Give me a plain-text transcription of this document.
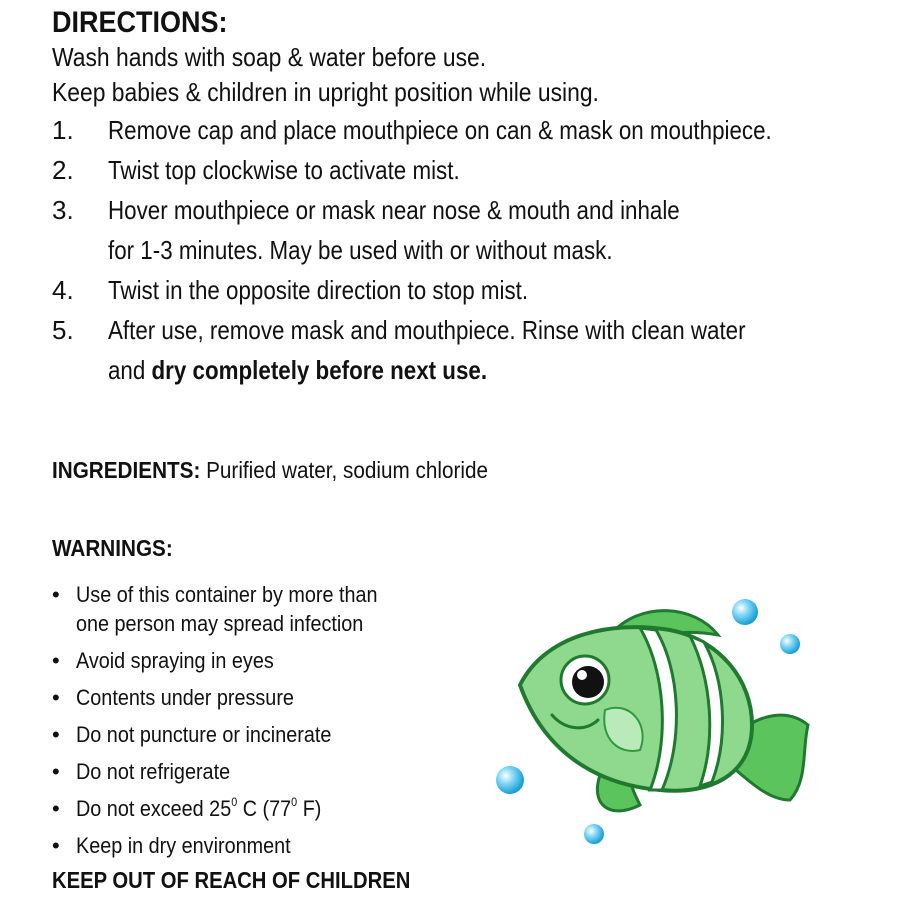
DIRECTIONS:
Wash hands with soap & water before use.
Keep babies & children in upright position while using.
1.	Remove cap and place mouthpiece on can & mask on mouthpiece.
2.	Twist top clockwise to activate mist.
3.	Hover mouthpiece or mask near nose & mouth and inhale
for 1-3 minutes. May be used with or without mask.
4.	Twist in the opposite direction to stop mist.
5.	After use, remove mask and mouthpiece. Rinse with clean water
and dry completely before next use.
INGREDIENTS: Purified water, sodium chloride
WARNINGS:
• Use of this container by more than
one person may spread infection
• Avoid spraying in eyes
• Contents under pressure
• Do not puncture or incinerate
• Do not refrigerate
• Do not exceed $25^0$ C ($77^0$ F)
• Keep in dry environment
KEEP OUT OF REACH OF CHILDREN
